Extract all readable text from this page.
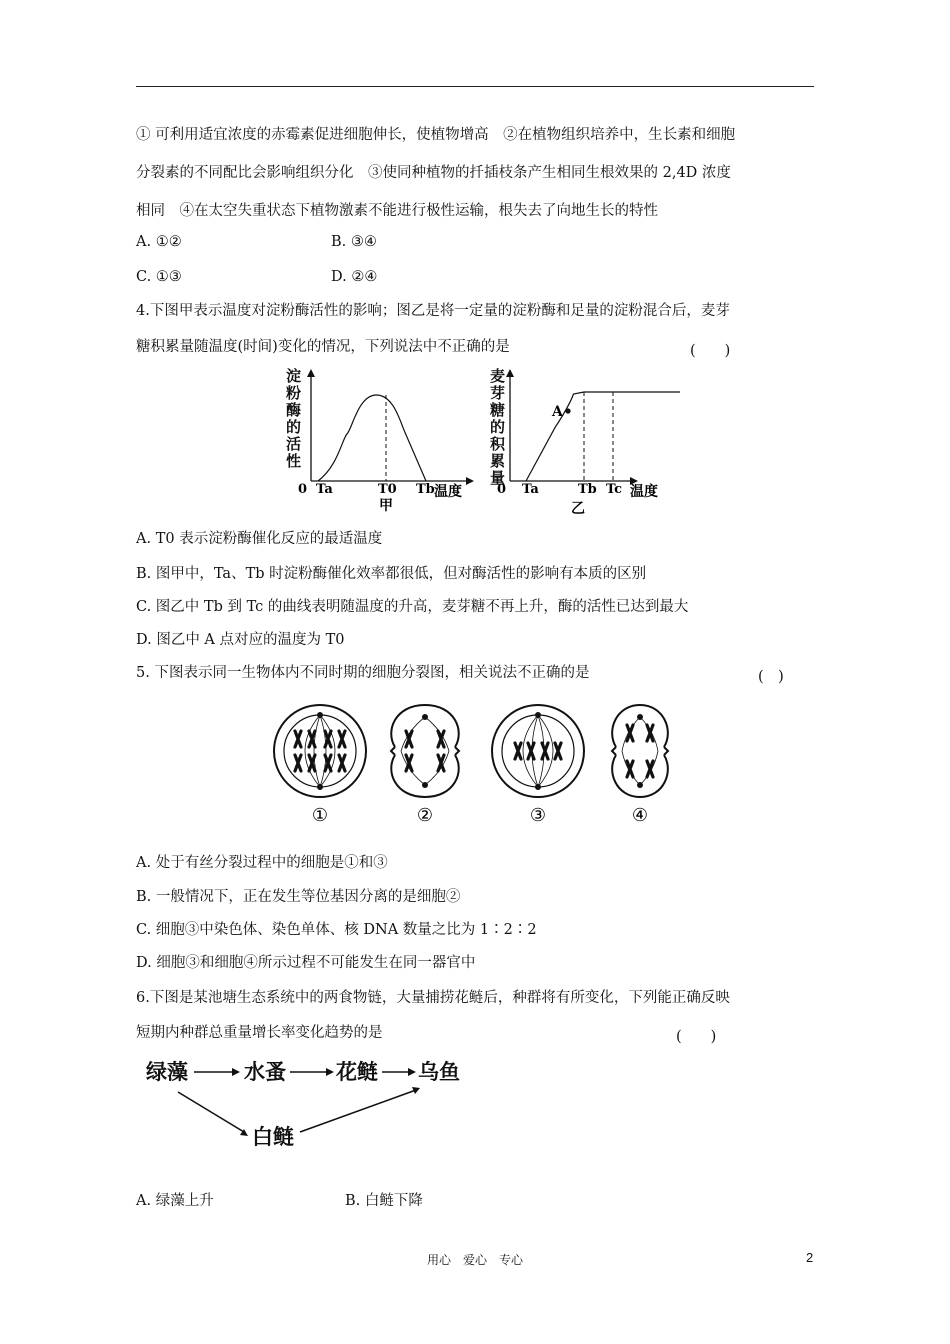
① 可利用适宜浓度的赤霉素促进细胞伸长，使植物增高　②在植物组织培养中，生长素和细胞
分裂素的不同配比会影响组织分化　③使同种植物的扦插枝条产生相同生根效果的 2,4D 浓度
相同　④在太空失重状态下植物激素不能进行极性运输，根失去了向地生长的特性
A. ①②	B. ③④
C. ①③	D. ②④
4.下图甲表示温度对淀粉酶活性的影响；图乙是将一定量的淀粉酶和足量的淀粉混合后，麦芽
糖积累量随温度(时间)变化的情况，下列说法中不正确的是	(　　)
淀
粉
酶
的
活
性
0 Ta	T0 Tb 温度
甲
麦
芽
糖
的
积
累
量
A
0 Ta	Tb Tc 温度
乙
A. T0 表示淀粉酶催化反应的最适温度
B. 图甲中，Ta、Tb 时淀粉酶催化效率都很低，但对酶活性的影响有本质的区别
C. 图乙中 Tb 到 Tc 的曲线表明随温度的升高，麦芽糖不再上升，酶的活性已达到最大
D. 图乙中 A 点对应的温度为 T0
5. 下图表示同一生物体内不同时期的细胞分裂图，相关说法不正确的是	(　)
①	②	③	④
A. 处于有丝分裂过程中的细胞是①和③
B. 一般情况下，正在发生等位基因分离的是细胞②
C. 细胞③中染色体、染色单体、核 DNA 数量之比为 1∶2∶2
D. 细胞③和细胞④所示过程不可能发生在同一器官中
6.下图是某池塘生态系统中的两食物链，大量捕捞花鲢后，种群将有所变化，下列能正确反映
短期内种群总重量增长率变化趋势的是	(　　)
绿藻	水蚤 花鲢 乌鱼
白鲢
A. 绿藻上升	B. 白鲢下降
用心　爱心　专心	2
